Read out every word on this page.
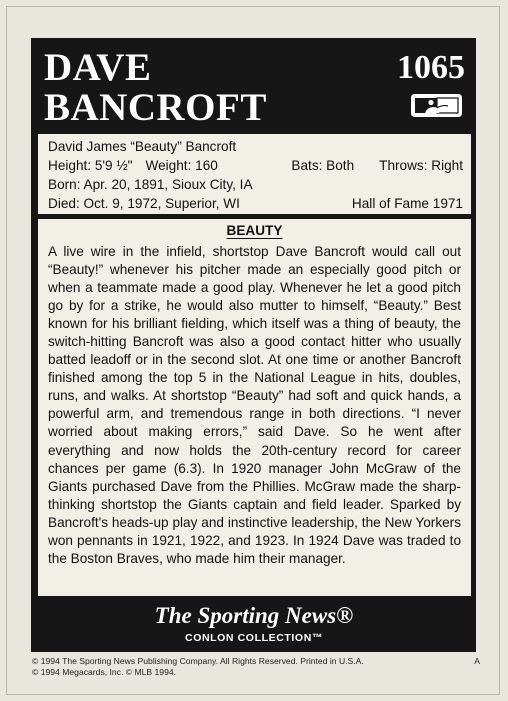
DAVE
BANCROFT
1065
David James “Beauty” Bancroft
Height: 5'9 ½" Weight: 160	Bats: Both Throws: Right
Born: Apr. 20, 1891, Sioux City, IA
Died: Oct. 9, 1972, Superior, WI	Hall of Fame 1971
BEAUTY

A live wire in the infield, shortstop Dave Bancroft would call out “Beauty!” whenever his pitcher made an especially good pitch or when a teammate made a good play. Whenever he let a good pitch go by for a strike, he would also mutter to himself, “Beauty.” Best known for his brilliant fielding, which itself was a thing of beauty, the switch-hitting Bancroft was also a good contact hitter who usually batted leadoff or in the second slot. At one time or another Bancroft finished among the top 5 in the National League in hits, doubles, runs, and walks. At shortstop “Beauty” had soft and quick hands, a powerful arm, and tremendous range in both directions. “I never worried about making errors,” said Dave. So he went after everything and now holds the 20th-century record for career chances per game (6.3). In 1920 manager John McGraw of the Giants purchased Dave from the Phillies. McGraw made the sharp-thinking shortstop the Giants captain and field leader. Sparked by Bancroft's heads-up play and instinctive leadership, the New Yorkers won pennants in 1921, 1922, and 1923. In 1924 Dave was traded to the Boston Braves, who made him their manager.

The Sporting News®
CONLON COLLECTION™
© 1994 The Sporting News Publishing Company. All Rights Reserved. Printed in U.S.A.	A
© 1994 Megacards, Inc. © MLB 1994.
